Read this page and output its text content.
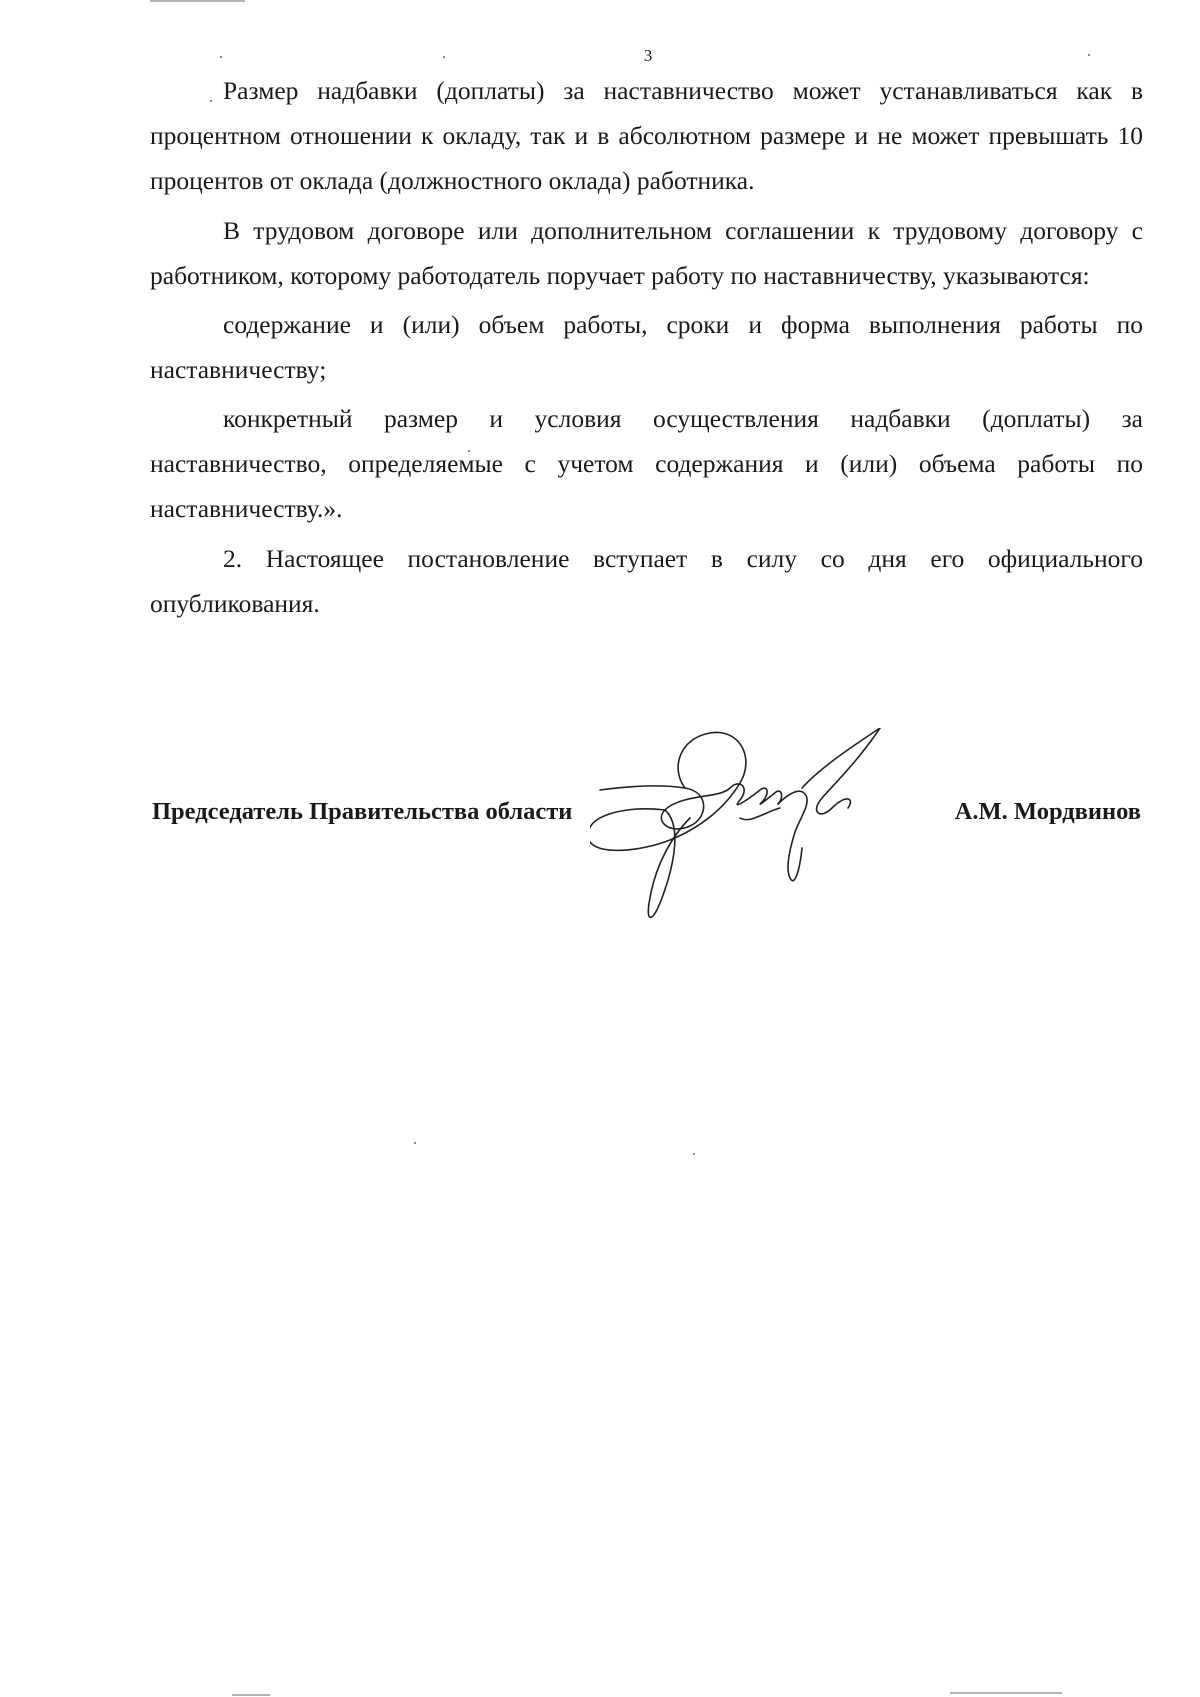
3

Размер надбавки (доплаты) за наставничество может устанавливаться как в процентном отношении к окладу, так и в абсолютном размере и не может превышать 10 процентов от оклада (должностного оклада) работника.

В трудовом договоре или дополнительном соглашении к трудовому договору с работником, которому работодатель поручает работу по наставничеству, указываются:

содержание и (или) объем работы, сроки и форма выполнения работы по наставничеству;

конкретный размер и условия осуществления надбавки (доплаты) за наставничество, определяемые с учетом содержания и (или) объема работы по наставничеству.».

2. Настоящее постановление вступает в силу со дня его официального опубликования.

Председатель Правительства области	А.М. Мордвинов
